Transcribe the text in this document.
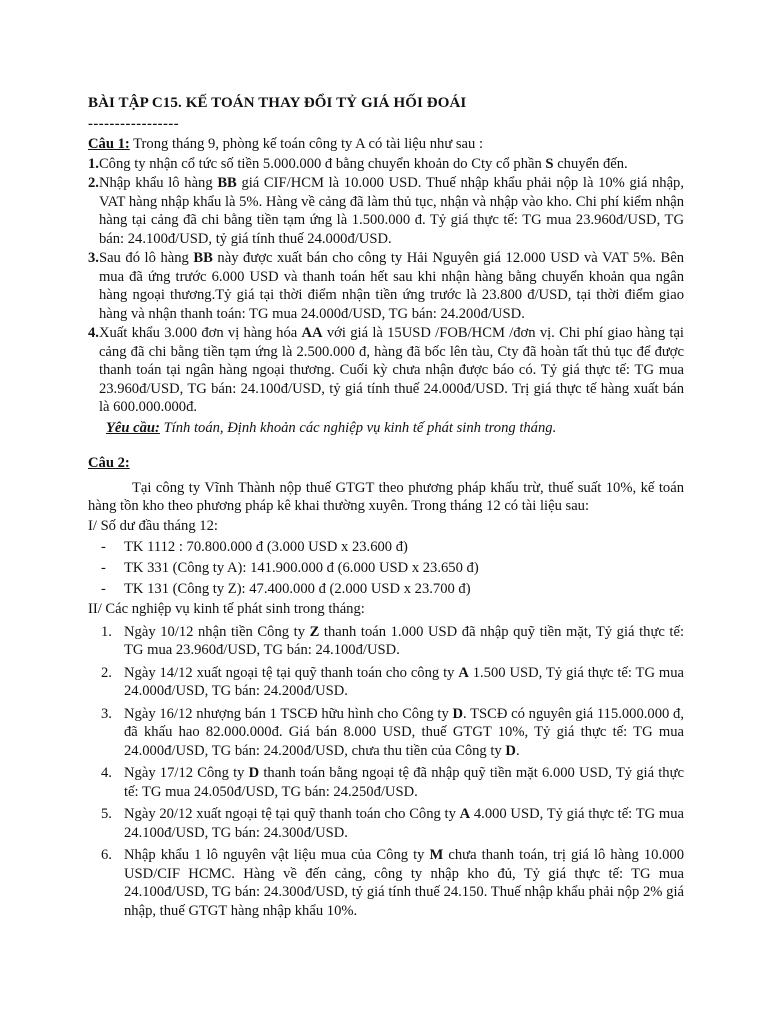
BÀI TẬP C15. KẾ TOÁN THAY ĐỔI TỶ GIÁ HỐI ĐOÁI
-----------------
Câu 1: Trong tháng 9, phòng kế toán công ty A có tài liệu như sau :
1. Công ty nhận cổ tức số tiền 5.000.000 đ bằng chuyển khoản do Cty cổ phần S chuyển đến.
2. Nhập khẩu lô hàng BB giá CIF/HCM là 10.000 USD. Thuế nhập khẩu phải nộp là 10% giá nhập, VAT hàng nhập khẩu là 5%. Hàng về cảng đã làm thủ tục, nhận và nhập vào kho. Chi phí kiểm nhận hàng tại cảng đã chi bằng tiền tạm ứng là 1.500.000 đ. Tỷ giá thực tế: TG mua 23.960đ/USD, TG bán: 24.100đ/USD, tỷ giá tính thuế 24.000đ/USD.
3. Sau đó lô hàng BB này được xuất bán cho công ty Hải Nguyên giá 12.000 USD và VAT 5%. Bên mua đã ứng trước 6.000 USD và thanh toán hết sau khi nhận hàng bằng chuyển khoản qua ngân hàng ngoại thương.Tỷ giá tại thời điểm nhận tiền ứng trước là 23.800 đ/USD, tại thời điểm giao hàng và nhận thanh toán: TG mua 24.000đ/USD, TG bán: 24.200đ/USD.
4. Xuất khẩu 3.000 đơn vị hàng hóa AA với giá là 15USD /FOB/HCM /đơn vị. Chi phí giao hàng tại cảng đã chi bằng tiền tạm ứng là 2.500.000 đ, hàng đã bốc lên tàu, Cty đã hoàn tất thủ tục để được thanh toán tại ngân hàng ngoại thương. Cuối kỳ chưa nhận được báo có. Tỷ giá thực tế: TG mua 23.960đ/USD, TG bán: 24.100đ/USD, tỷ giá tính thuế 24.000đ/USD. Trị giá thực tế hàng xuất bán là 600.000.000đ.
Yêu cầu: Tính toán, Định khoản các nghiệp vụ kinh tế phát sinh trong tháng.
Câu 2:
Tại công ty Vĩnh Thành nộp thuế GTGT theo phương pháp khấu trừ, thuế suất 10%, kế toán hàng tồn kho theo phương pháp kê khai thường xuyên. Trong tháng 12 có tài liệu sau:
I/ Số dư đầu tháng 12:
-	TK 1112 : 70.800.000 đ (3.000 USD x 23.600 đ)
-	TK 331 (Công ty A): 141.900.000 đ (6.000 USD x 23.650 đ)
-	TK 131 (Công ty Z): 47.400.000 đ (2.000 USD x 23.700 đ)
II/ Các nghiệp vụ kinh tế phát sinh trong tháng:
1. Ngày 10/12 nhận tiền Công ty Z thanh toán 1.000 USD đã nhập quỹ tiền mặt, Tỷ giá thực tế: TG mua 23.960đ/USD, TG bán: 24.100đ/USD.
2. Ngày 14/12 xuất ngoại tệ tại quỹ thanh toán cho công ty A 1.500 USD, Tỷ giá thực tế: TG mua 24.000đ/USD, TG bán: 24.200đ/USD.
3. Ngày 16/12 nhượng bán 1 TSCĐ hữu hình cho Công ty D. TSCĐ có nguyên giá 115.000.000 đ, đã khấu hao 82.000.000đ. Giá bán 8.000 USD, thuế GTGT 10%, Tỷ giá thực tế: TG mua 24.000đ/USD, TG bán: 24.200đ/USD, chưa thu tiền của Công ty D.
4. Ngày 17/12 Công ty D thanh toán bằng ngoại tệ đã nhập quỹ tiền mặt 6.000 USD, Tỷ giá thực tế: TG mua 24.050đ/USD, TG bán: 24.250đ/USD.
5. Ngày 20/12 xuất ngoại tệ tại quỹ thanh toán cho Công ty A 4.000 USD, Tỷ giá thực tế: TG mua 24.100đ/USD, TG bán: 24.300đ/USD.
6. Nhập khẩu 1 lô nguyên vật liệu mua của Công ty M chưa thanh toán, trị giá lô hàng 10.000 USD/CIF HCMC. Hàng về đến cảng, công ty nhập kho đủ, Tỷ giá thực tế: TG mua 24.100đ/USD, TG bán: 24.300đ/USD, tỷ giá tính thuế 24.150. Thuế nhập khẩu phải nộp 2% giá nhập, thuế GTGT hàng nhập khẩu 10%.
